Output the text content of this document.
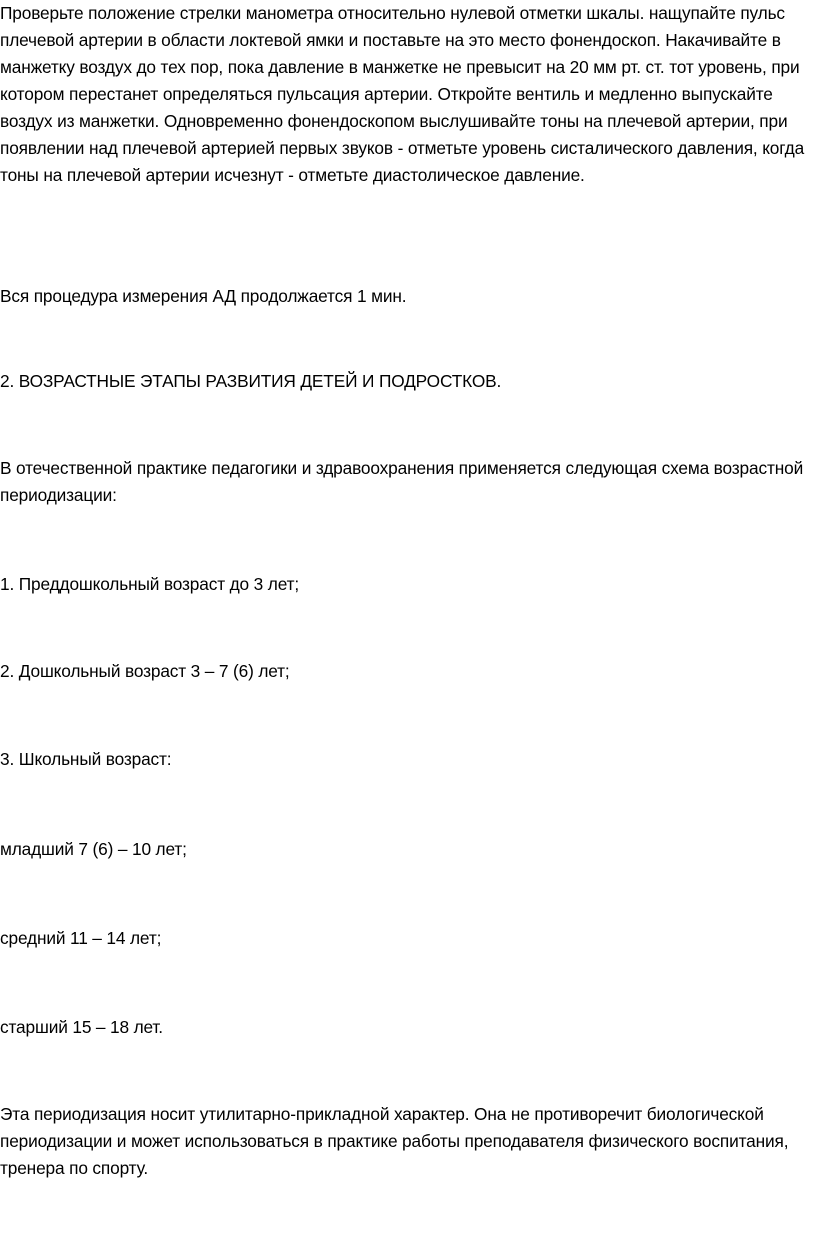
Проверьте положение стрелки манометра относительно нулевой отметки шкалы. нащупайте пульс плечевой артерии в области локтевой ямки и поставьте на это место фонендоскоп. Накачивайте в манжетку воздух до тех пор, пока давление в манжетке не превысит на 20 мм рт. ст. тот уровень, при котором перестанет определяться пульсация артерии. Откройте вентиль и медленно выпускайте воздух из манжетки. Одновременно фонендоскопом выслушивайте тоны на плечевой артерии, при появлении над плечевой артерией первых звуков - отметьте уровень систалического давления, когда тоны на плечевой артерии исчезнут - отметьте диастолическое давление.

Вся процедура измерения АД продолжается 1 мин.

2. ВОЗРАСТНЫЕ ЭТАПЫ РАЗВИТИЯ ДЕТЕЙ И ПОДРОСТКОВ.

В отечественной практике педагогики и здравоохранения применяется следующая схема возрастной периодизации:

1. Преддошкольный возраст до 3 лет;

2. Дошкольный возраст 3 – 7 (6) лет;

3. Школьный возраст:

младший 7 (6) – 10 лет;

средний 11 – 14 лет;

старший 15 – 18 лет.

Эта периодизация носит утилитарно-прикладной характер. Она не противоречит биологической периодизации и может использоваться в практике работы преподавателя физического воспитания, тренера по спорту.
